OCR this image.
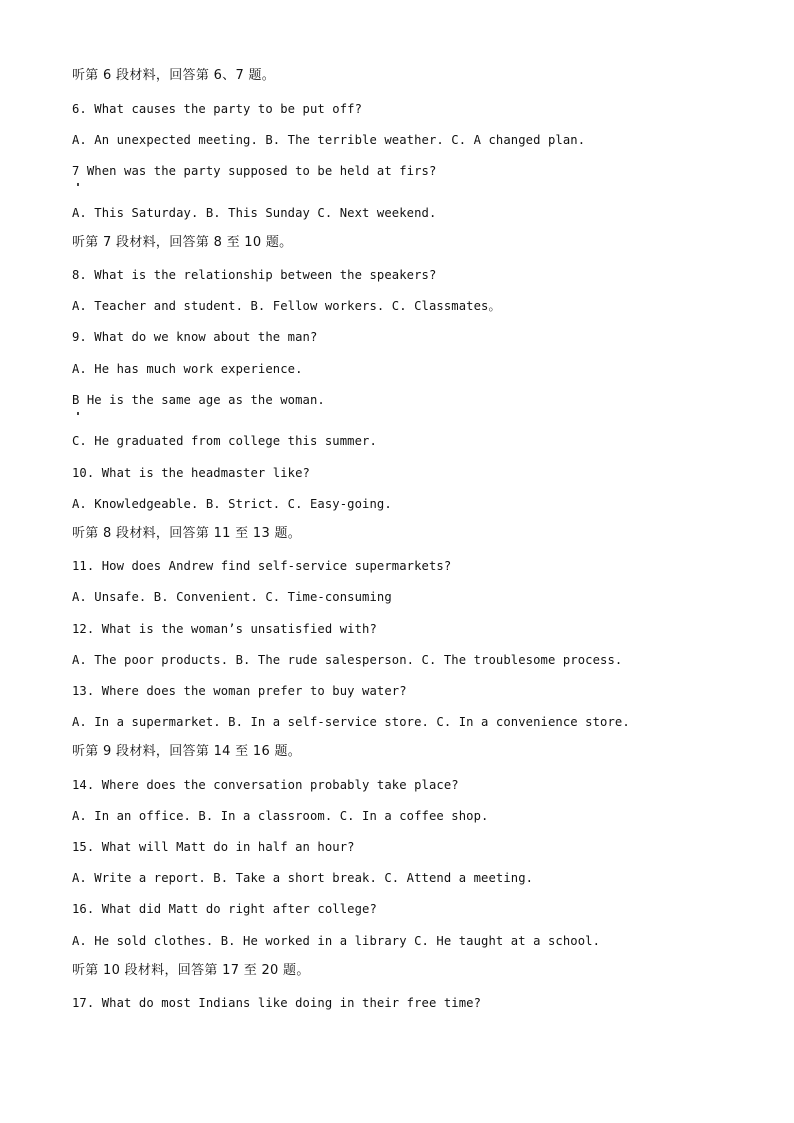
听第 6 段材料，回答第 6、7 题。
6. What causes the party to be put off?
A. An unexpected meeting. B. The terrible weather. C. A changed plan.
7 When was the party supposed to be held at firs?
A. This Saturday. B. This Sunday C. Next weekend.
听第 7 段材料，回答第 8 至 10 题。
8. What is the relationship between the speakers?
A. Teacher and student. B. Fellow workers. C. Classmates。
9. What do we know about the man?
A. He has much work experience.
B He is the same age as the woman.
C. He graduated from college this summer.
10. What is the headmaster like?
A. Knowledgeable. B. Strict. C. Easy-going.
听第 8 段材料，回答第 11 至 13 题。
11. How does Andrew find self-service supermarkets?
A. Unsafe. B. Convenient. C. Time-consuming
12. What is the woman’s unsatisfied with?
A. The poor products. B. The rude salesperson. C. The troublesome process.
13. Where does the woman prefer to buy water?
A. In a supermarket. B. In a self-service store. C. In a convenience store.
听第 9 段材料，回答第 14 至 16 题。
14. Where does the conversation probably take place?
A. In an office. B. In a classroom. C. In a coffee shop.
15. What will Matt do in half an hour?
A. Write a report. B. Take a short break. C. Attend a meeting.
16. What did Matt do right after college?
A. He sold clothes. B. He worked in a library C. He taught at a school.
听第 10 段材料，回答第 17 至 20 题。
17. What do most Indians like doing in their free time?
